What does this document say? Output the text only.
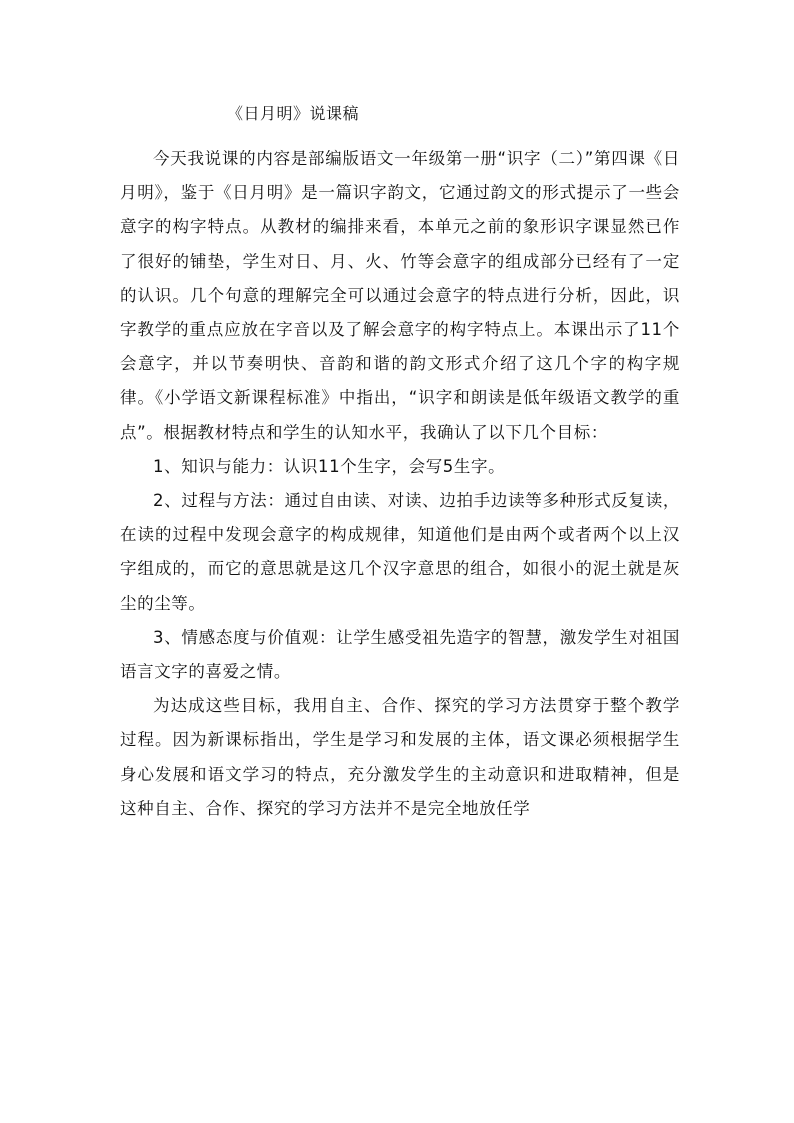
《日月明》说课稿

今天我说课的内容是部编版语文一年级第一册“识字（二）”第四课《日月明》，鉴于《日月明》是一篇识字韵文，它通过韵文的形式提示了一些会意字的构字特点。从教材的编排来看，本单元之前的象形识字课显然已作了很好的铺垫，学生对日、月、火、竹等会意字的组成部分已经有了一定的认识。几个句意的理解完全可以通过会意字的特点进行分析，因此，识字教学的重点应放在字音以及了解会意字的构字特点上。本课出示了11个会意字，并以节奏明快、音韵和谐的韵文形式介绍了这几个字的构字规律。《小学语文新课程标准》中指出，“识字和朗读是低年级语文教学的重点”。根据教材特点和学生的认知水平，我确认了以下几个目标：

1、知识与能力：认识11个生字，会写5生字。

2、过程与方法：通过自由读、对读、边拍手边读等多种形式反复读，在读的过程中发现会意字的构成规律，知道他们是由两个或者两个以上汉字组成的，而它的意思就是这几个汉字意思的组合，如很小的泥土就是灰尘的尘等。

3、情感态度与价值观：让学生感受祖先造字的智慧，激发学生对祖国语言文字的喜爱之情。

为达成这些目标，我用自主、合作、探究的学习方法贯穿于整个教学过程。因为新课标指出，学生是学习和发展的主体，语文课必须根据学生身心发展和语文学习的特点，充分激发学生的主动意识和进取精神，但是这种自主、合作、探究的学习方法并不是完全地放任学
